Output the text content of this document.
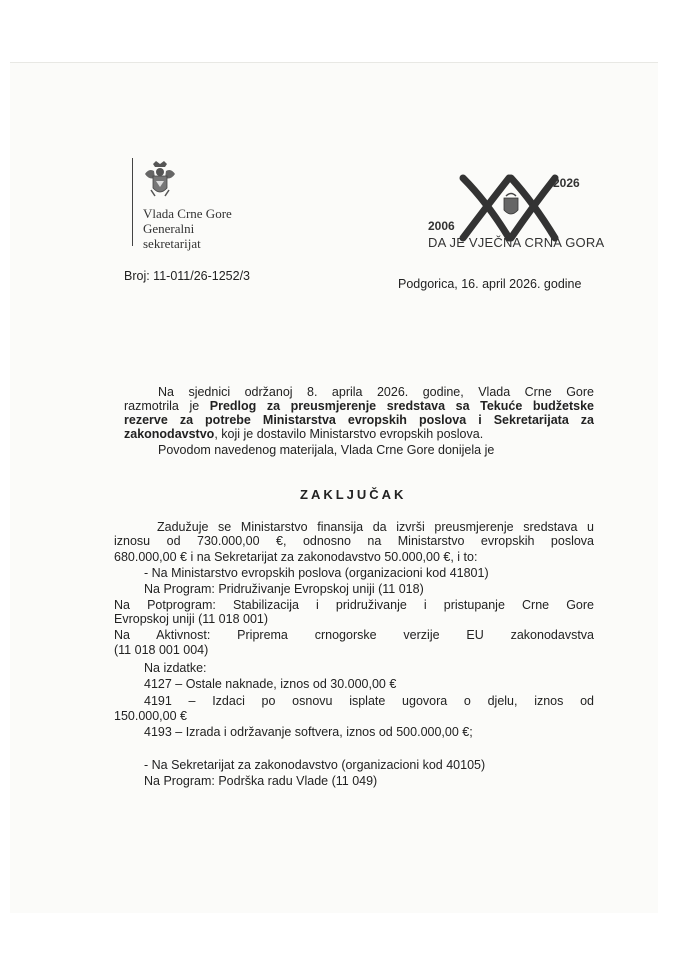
Vlada Crne Gore
Generalni
sekretarijat
2026
2006
DA JE VJEČNA CRNA GORA
Broj: 11-011/26-1252/3
Podgorica, 16. april 2026. godine
Na sjednici održanoj 8. aprila 2026. godine, Vlada Crne Gore
razmotrila je Predlog za preusmjerenje sredstava sa Tekuće budžetske
rezerve za potrebe Ministarstva evropskih poslova i Sekretarijata za
zakonodavstvo, koji je dostavilo Ministarstvo evropskih poslova.
Povodom navedenog materijala, Vlada Crne Gore donijela je
ZAKLJUČAK
Zadužuje se Ministarstvo finansija da izvrši preusmjerenje sredstava u
iznosu od 730.000,00 €, odnosno na Ministarstvo evropskih poslova
680.000,00 € i na Sekretarijat za zakonodavstvo 50.000,00 €, i to:
- Na Ministarstvo evropskih poslova (organizacioni kod 41801)
Na Program: Pridruživanje Evropskoj uniji (11 018)
Na Potprogram: Stabilizacija i pridruživanje i pristupanje Crne Gore
Evropskoj uniji (11 018 001)
Na Aktivnost: Priprema crnogorske verzije EU zakonodavstva
(11 018 001 004)
Na izdatke:
4127 – Ostale naknade, iznos od 30.000,00 €
4191 – Izdaci po osnovu isplate ugovora o djelu, iznos od
150.000,00 €
4193 – Izrada i održavanje softvera, iznos od 500.000,00 €;
- Na Sekretarijat za zakonodavstvo (organizacioni kod 40105)
Na Program: Podrška radu Vlade (11 049)
